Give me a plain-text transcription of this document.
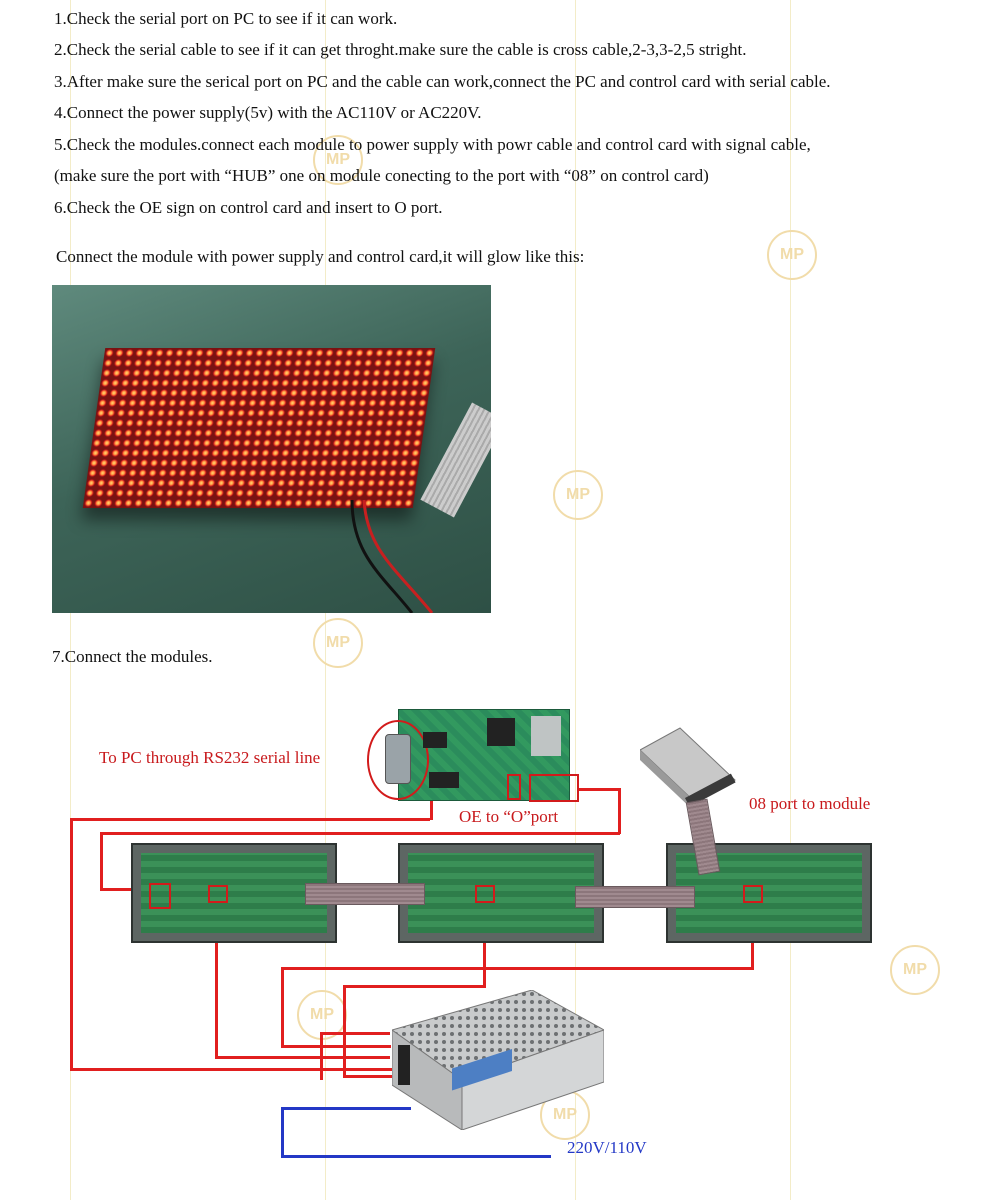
MP
MP
MP
MP
MP
MP
MP
1.Check the serial port on PC to see if it can work.
2.Check the serial cable to see if it can get throght.make sure the cable is cross cable,2-3,3-2,5 stright.
3.After make sure the serical port on PC and the cable can work,connect the PC and control card with serial cable.
4.Connect the power supply(5v) with the AC110V or AC220V.
5.Check the modules.connect each module to power supply with powr cable and control card with signal cable,
(make sure the port with “HUB” one on module conecting to the port with “08” on control card)
6.Check the OE sign on control card and insert to O port.
Connect the module with power supply and control card,it will glow like this:
7.Connect the modules.
To PC through RS232 serial line
OE to “O”port
08 port to module
220V/110V
